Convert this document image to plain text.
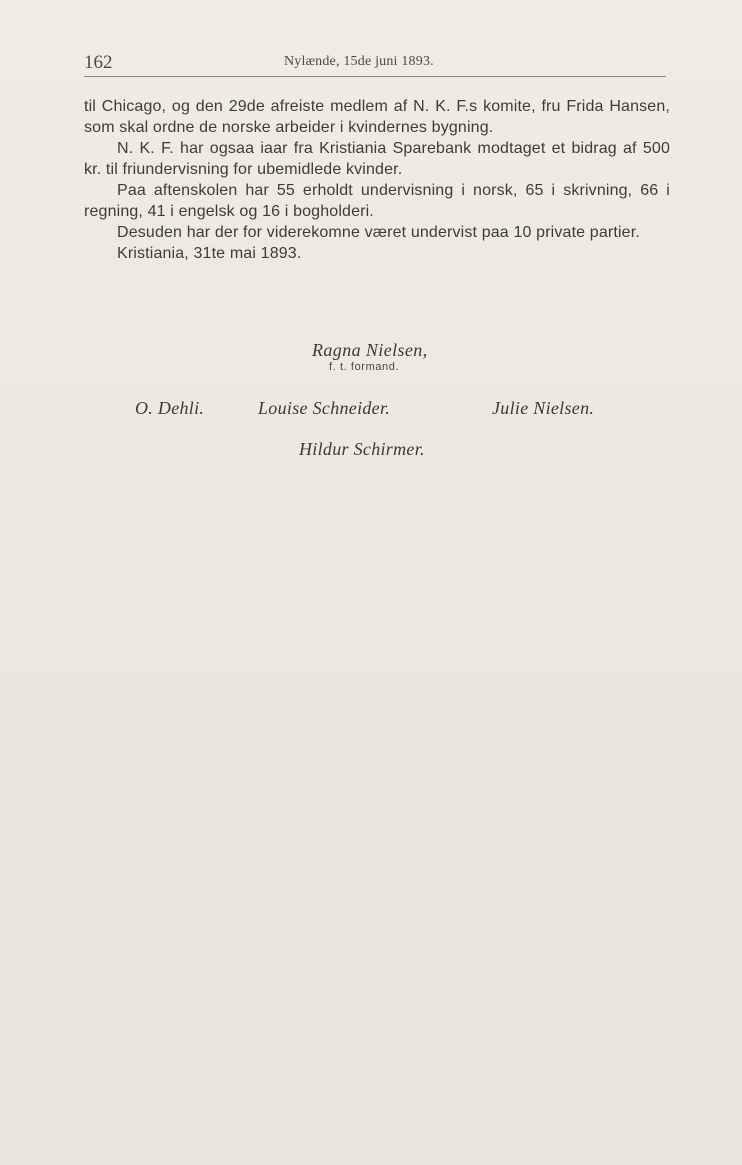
162	Nylænde, 15de juni 1893.

til Chicago, og den 29de afreiste medlem af N. K. F.s komite, fru Frida Hansen, som skal ordne de norske arbeider i kvindernes bygning.

N. K. F. har ogsaa iaar fra Kristiania Sparebank modtaget et bidrag af 500 kr. til friundervisning for ubemidlede kvinder.

Paa aftenskolen har 55 erholdt undervisning i norsk, 65 i skrivning, 66 i regning, 41 i engelsk og 16 i bogholderi.

Desuden har der for viderekomne været undervist paa 10 private partier.

Kristiania, 31te mai 1893.

Ragna Nielsen,
f. t. formand.
O. Dehli.	Louise Schneider.	Julie Nielsen.
Hildur Schirmer.
